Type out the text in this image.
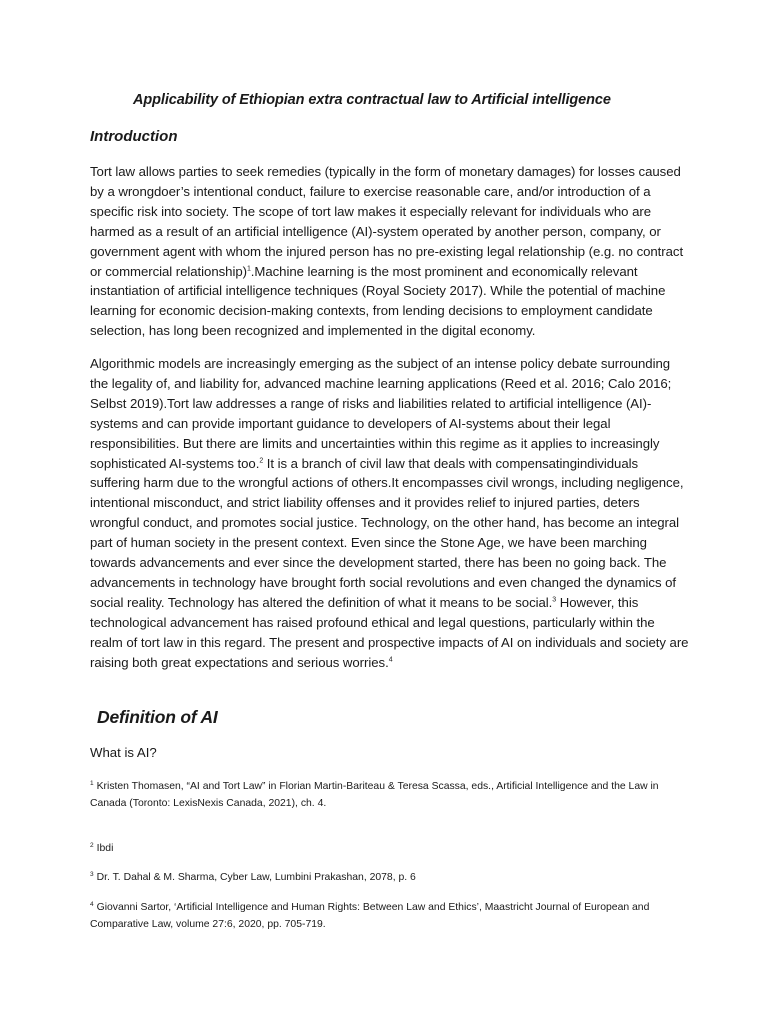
Applicability of Ethiopian extra contractual law to Artificial intelligence
Introduction

Tort law allows parties to seek remedies (typically in the form of monetary damages) for losses caused by a wrongdoer’s intentional conduct, failure to exercise reasonable care, and/or introduction of a specific risk into society. The scope of tort law makes it especially relevant for individuals who are harmed as a result of an artificial intelligence (AI)-system operated by another person, company, or government agent with whom the injured person has no pre-existing legal relationship (e.g. no contract or commercial relationship)$^1$.Machine learning is the most prominent and economically relevant instantiation of artificial intelligence techniques (Royal Society 2017). While the potential of machine learning for economic decision-making contexts, from lending decisions to employment candidate selection, has long been recognized and implemented in the digital economy.

Algorithmic models are increasingly emerging as the subject of an intense policy debate surrounding the legality of, and liability for, advanced machine learning applications (Reed et al. 2016; Calo 2016; Selbst 2019).Tort law addresses a range of risks and liabilities related to artificial intelligence (AI)-systems and can provide important guidance to developers of AI-systems about their legal responsibilities. But there are limits and uncertainties within this regime as it applies to increasingly sophisticated AI-systems too.$^2$ It is a branch of civil law that deals with compensatingindividuals suffering harm due to the wrongful actions of others.It encompasses civil wrongs, including negligence, intentional misconduct, and strict liability offenses and it provides relief to injured parties, deters wrongful conduct, and promotes social justice. Technology, on the other hand, has become an integral part of human society in the present context. Even since the Stone Age, we have been marching towards advancements and ever since the development started, there has been no going back. The advancements in technology have brought forth social revolutions and even changed the dynamics of social reality. Technology has altered the definition of what it means to be social.$^3$ However, this technological advancement has raised profound ethical and legal questions, particularly within the realm of tort law in this regard. The present and prospective impacts of AI on individuals and society are raising both great expectations and serious worries.$^4$

Definition of AI
What is AI?

$^1$ Kristen Thomasen, “AI and Tort Law” in Florian Martin-Bariteau & Teresa Scassa, eds., Artificial Intelligence and the Law in Canada (Toronto: LexisNexis Canada, 2021), ch. 4.

$^2$ Ibdi

$^3$ Dr. T. Dahal & M. Sharma, Cyber Law, Lumbini Prakashan, 2078, p. 6

$^4$ Giovanni Sartor, ‘Artificial Intelligence and Human Rights: Between Law and Ethics’, Maastricht Journal of European and Comparative Law, volume 27:6, 2020, pp. 705-719.
